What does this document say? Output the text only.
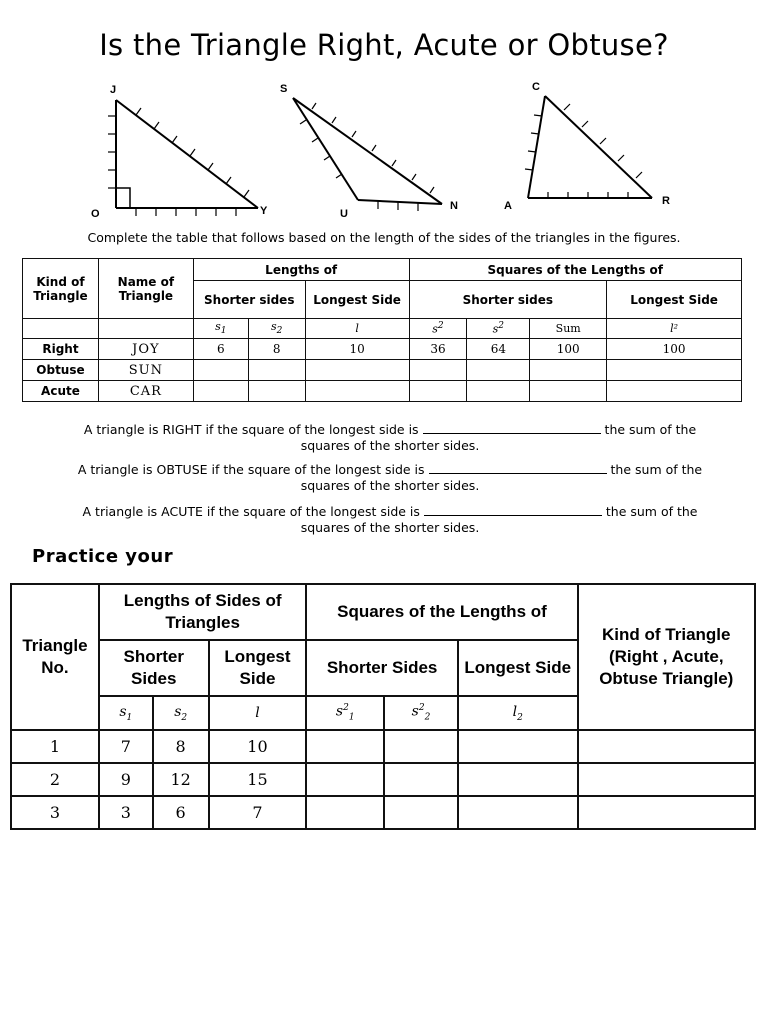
Is the Triangle Right, Acute or Obtuse?
J
O	Y
S
U
N
C
A	R
Complete the table that follows based on the length of the sides of the triangles in the figures.
Kind of Triangle	Name of Triangle	Lengths of			Squares of the Lengths of			
		Shorter sides		Longest Side	Shorter sides			Longest Side
		$s_1$	$s_2$	l	$s^2$	$s^2$	Sum	l²
Right	JOY	6	8	10	36	64	100	100
Obtuse	SUN							
Acute	CAR							
A triangle is RIGHT if the square of the longest side is	the sum of the
squares of the shorter sides.
A triangle is OBTUSE if the square of the longest side is	the sum of the
squares of the shorter sides.
A triangle is ACUTE if the square of the longest side is	the sum of the
squares of the shorter sides.
Practice your
Triangle No.	Lengths of Sides of Triangles			Squares of the Lengths of			Kind of Triangle (Right , Acute, Obtuse Triangle)
	Shorter Sides		Longest Side	Shorter Sides		Longest Side	
	$s_1$	$s_2$	l	$s^2_1$	$s^2_2$	$l_2$
1	7	8	10				
2	9	12	15				
3	3	6	7				
